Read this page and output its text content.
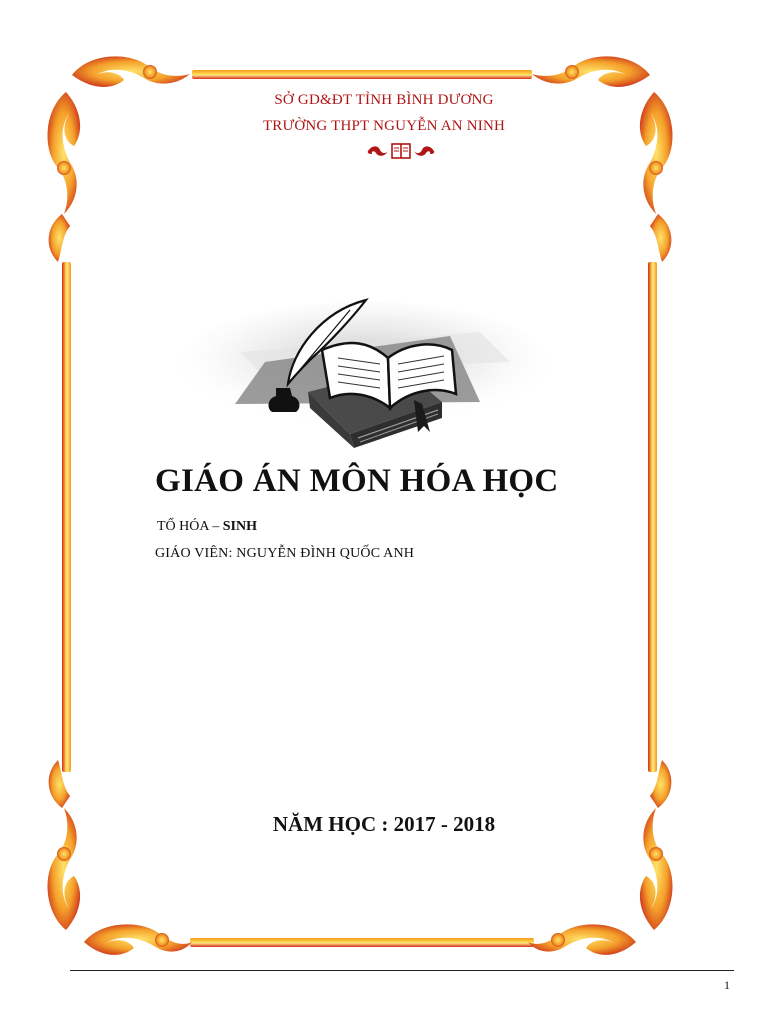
SỞ GD&ĐT TỈNH BÌNH DƯƠNG
TRƯỜNG THPT NGUYỄN AN NINH
GIÁO ÁN MÔN HÓA HỌC
TỔ HÓA – SINH
GIÁO VIÊN: NGUYỄN ĐÌNH QUỐC ANH
NĂM HỌC : 2017 - 2018
1
